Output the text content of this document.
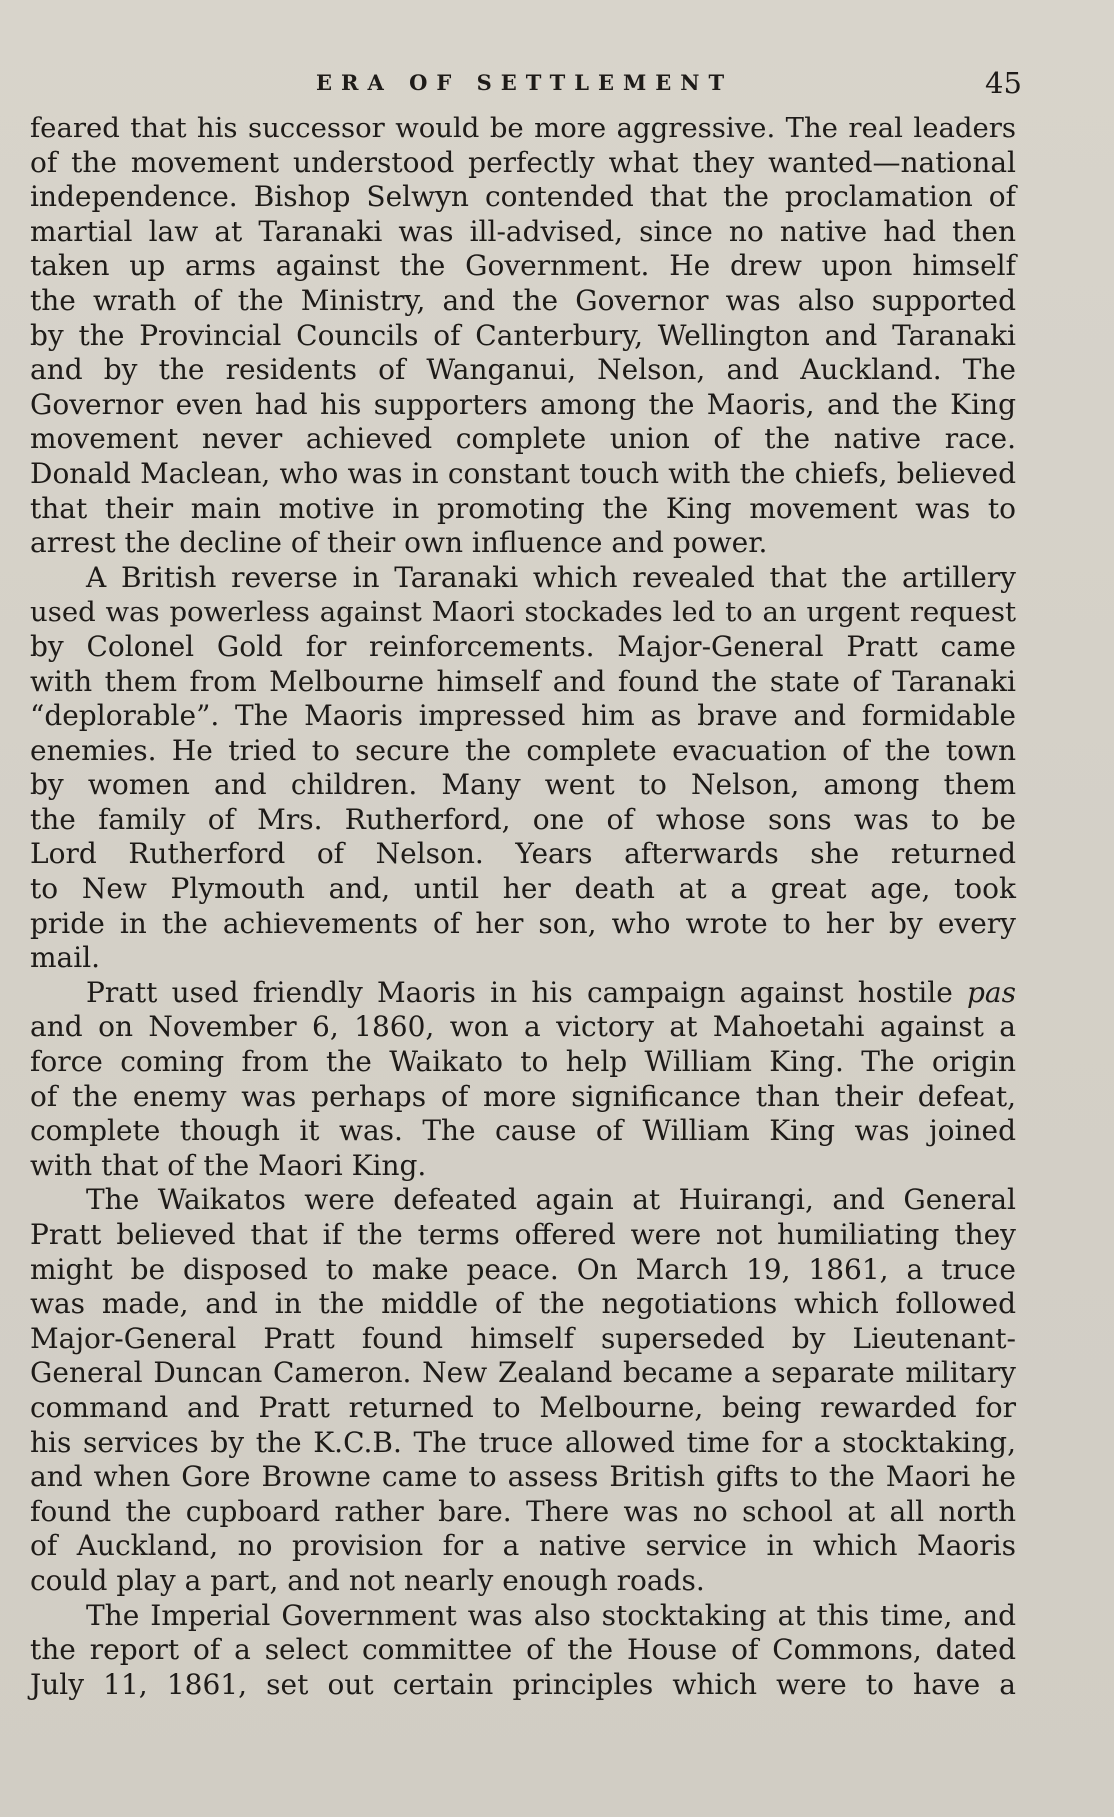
ERA OF SETTLEMENT	45
feared that his successor would be more aggressive. The real leaders
of the movement understood perfectly what they wanted—national
independence. Bishop Selwyn contended that the proclamation of
martial law at Taranaki was ill-advised, since no native had then
taken up arms against the Government. He drew upon himself
the wrath of the Ministry, and the Governor was also supported
by the Provincial Councils of Canterbury, Wellington and Taranaki
and by the residents of Wanganui, Nelson, and Auckland. The
Governor even had his supporters among the Maoris, and the King
movement never achieved complete union of the native race.
Donald Maclean, who was in constant touch with the chiefs, believed
that their main motive in promoting the King movement was to
arrest the decline of their own influence and power.
A British reverse in Taranaki which revealed that the artillery
used was powerless against Maori stockades led to an urgent request
by Colonel Gold for reinforcements. Major-General Pratt came
with them from Melbourne himself and found the state of Taranaki
“deplorable”. The Maoris impressed him as brave and formidable
enemies. He tried to secure the complete evacuation of the town
by women and children. Many went to Nelson, among them
the family of Mrs. Rutherford, one of whose sons was to be
Lord Rutherford of Nelson. Years afterwards she returned
to New Plymouth and, until her death at a great age, took
pride in the achievements of her son, who wrote to her by every
mail.
Pratt used friendly Maoris in his campaign against hostile pas
and on November 6, 1860, won a victory at Mahoetahi against a
force coming from the Waikato to help William King. The origin
of the enemy was perhaps of more significance than their defeat,
complete though it was. The cause of William King was joined
with that of the Maori King.
The Waikatos were defeated again at Huirangi, and General
Pratt believed that if the terms offered were not humiliating they
might be disposed to make peace. On March 19, 1861, a truce
was made, and in the middle of the negotiations which followed
Major-General Pratt found himself superseded by Lieutenant-
General Duncan Cameron. New Zealand became a separate military
command and Pratt returned to Melbourne, being rewarded for
his services by the K.C.B. The truce allowed time for a stocktaking,
and when Gore Browne came to assess British gifts to the Maori he
found the cupboard rather bare. There was no school at all north
of Auckland, no provision for a native service in which Maoris
could play a part, and not nearly enough roads.
The Imperial Government was also stocktaking at this time, and
the report of a select committee of the House of Commons, dated
July 11, 1861, set out certain principles which were to have a
